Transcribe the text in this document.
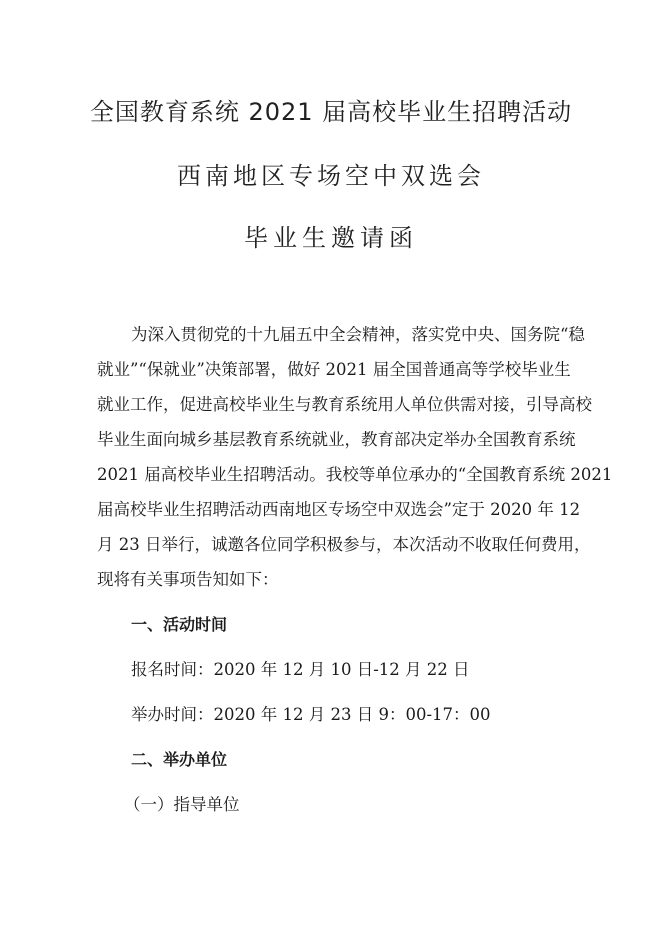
全国教育系统 2021 届高校毕业生招聘活动
西南地区专场空中双选会
毕业生邀请函

为深入贯彻党的十九届五中全会精神，落实党中央、国务院“稳
就业”“保就业”决策部署，做好 2021 届全国普通高等学校毕业生
就业工作，促进高校毕业生与教育系统用人单位供需对接，引导高校
毕业生面向城乡基层教育系统就业，教育部决定举办全国教育系统
2021 届高校毕业生招聘活动。我校等单位承办的“全国教育系统 2021
届高校毕业生招聘活动西南地区专场空中双选会”定于 2020 年 12
月 23 日举行，诚邀各位同学积极参与，本次活动不收取任何费用，
现将有关事项告知如下：

一、活动时间

报名时间：2020 年 12 月 10 日-12 月 22 日

举办时间：2020 年 12 月 23 日 9：00-17：00

二、举办单位

（一）指导单位
